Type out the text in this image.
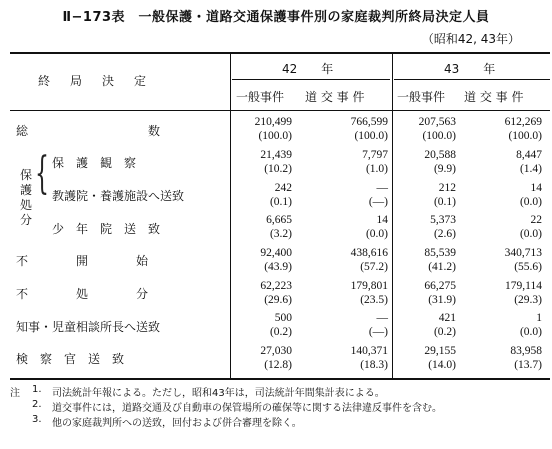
Ⅱ−173表　一般保護・道路交通保護事件別の家庭裁判所終局決定人員
（昭和42, 43年）
終　局　決　定
42　　年	43　　年
一般事件 道 交 事 件	一般事件 道 交 事 件
保護処分
{
総　　　　　　　　　　数
保　護　観　察
教護院・養護施設へ送致
少　年　院　送　致
不　　　　開　　　　始
不　　　　処　　　　分
知事・児童相談所長へ送致
検　察　官　送　致
210,499
(100.0)
766,599
(100.0)
207,563
(100.0)
612,269
(100.0)
21,439
(10.2)
7,797
(1.0)
20,588
(9.9)
8,447
(1.4)
242
(0.1)
—
(—)
212
(0.1)
14
(0.0)
6,665
(3.2)
14
(0.0)
5,373
(2.6)
22
(0.0)
92,400
(43.9)
438,616
(57.2)
85,539
(41.2)
340,713
(55.6)
62,223
(29.6)
179,801
(23.5)
66,275
(31.9)
179,114
(29.3)
500
(0.2)
—
(—)
421
(0.2)
1
(0.0)
27,030
(12.8)
140,371
(18.3)
29,155
(14.0)
83,958
(13.7)
注 1. 司法統計年報による。ただし，昭和43年は，司法統計年間集計表による。
2. 道交事件には，道路交通及び自動車の保管場所の確保等に関する法律違反事件を含む。
3. 他の家庭裁判所への送致，回付および併合審理を除く。
